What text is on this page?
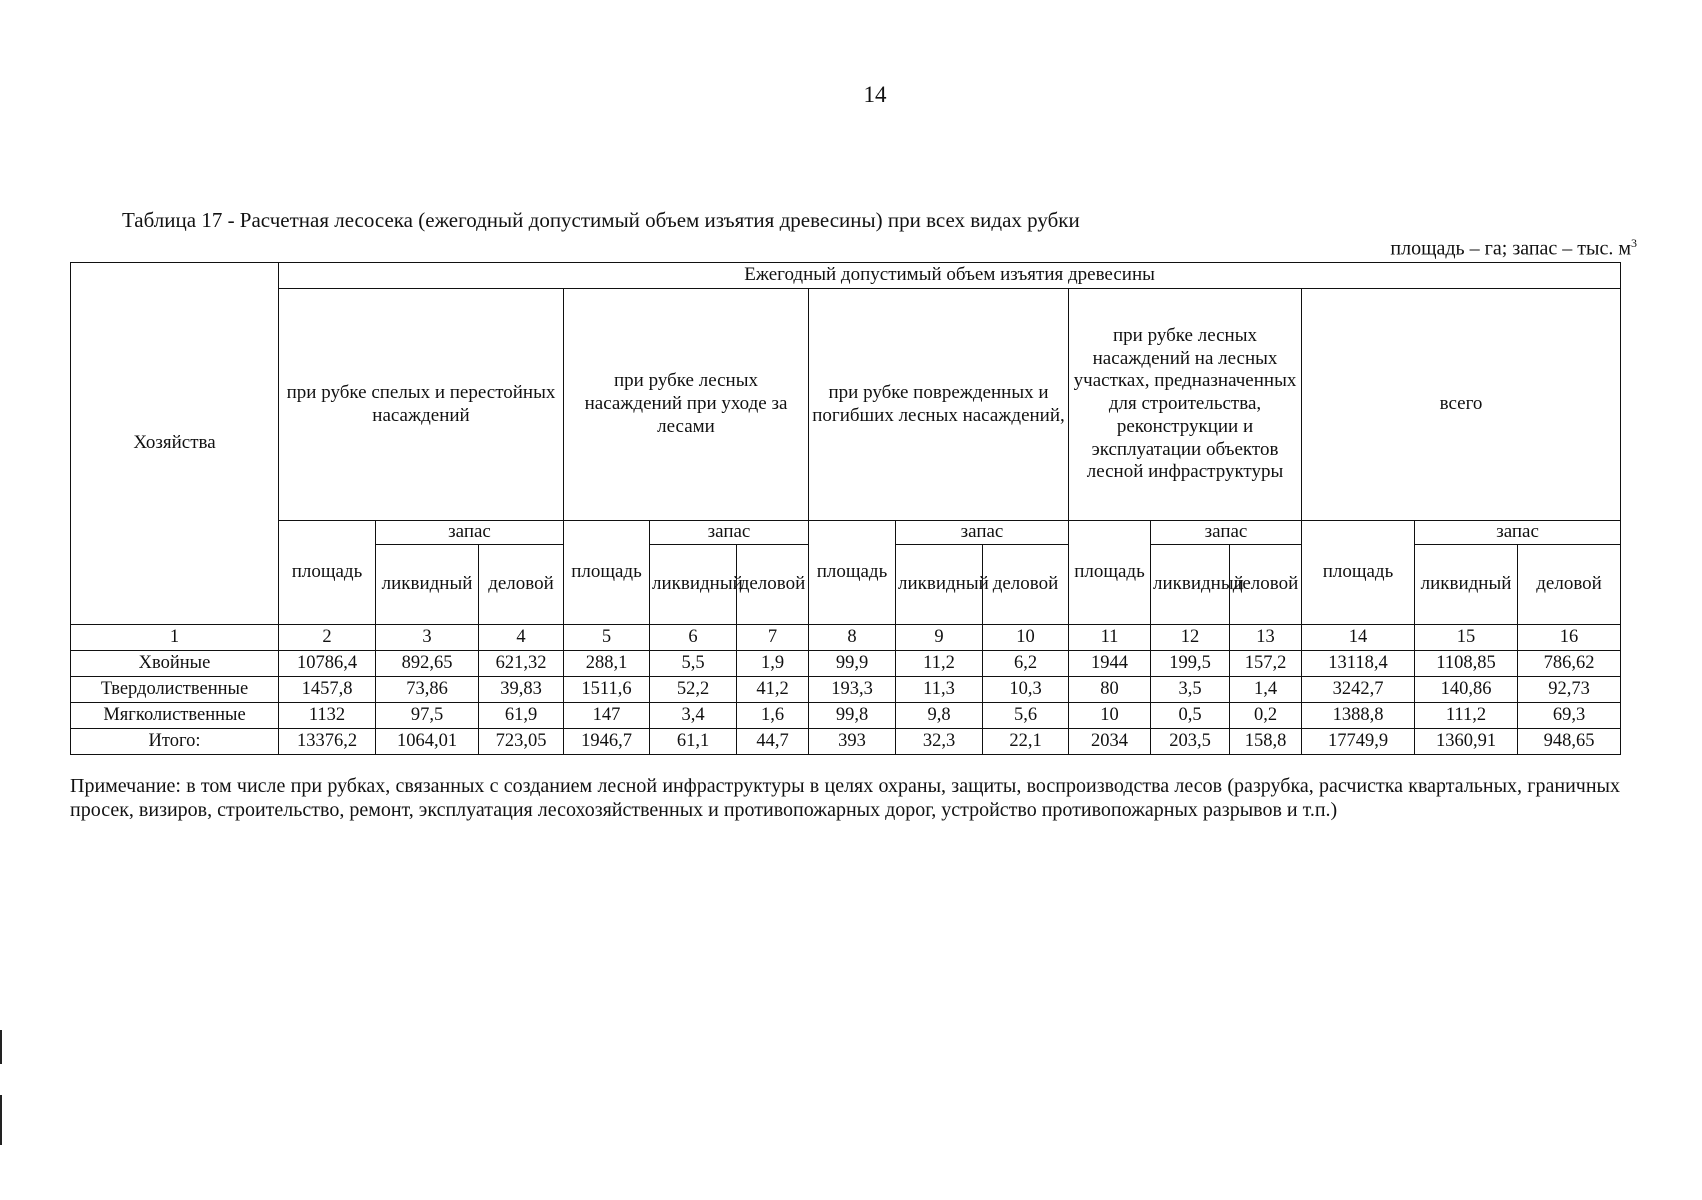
14
Таблица 17 - Расчетная лесосека (ежегодный допустимый объем изъятия древесины) при всех видах рубки
площадь – га; запас – тыс. $м^3$
Хозяйства	Ежегодный допустимый объем изъятия древесины														
	при рубке спелых и перестойных насаждений			при рубке лесных насаждений при уходе за лесами			при рубке поврежденных и погибших лесных насаждений,			при рубке лесных насаждений на лесных участках, предназначенных для строительства, реконструкции и эксплуатации объектов лесной инфраструктуры			всего		
	площадь	запас		площадь	запас		площадь	запас		площадь	запас		площадь	запас	
		ликвидный	деловой		ликвидный	деловой		ликвидный	деловой		ликвидный	деловой		ликвидный	деловой
1	2	3	4	5	6	7	8	9	10	11	12	13	14	15	16
Хвойные	10786,4	892,65	621,32	288,1	5,5	1,9	99,9	11,2	6,2	1944	199,5	157,2	13118,4	1108,85	786,62
Твердолиственные	1457,8	73,86	39,83	1511,6	52,2	41,2	193,3	11,3	10,3	80	3,5	1,4	3242,7	140,86	92,73
Мягколиственные	1132	97,5	61,9	147	3,4	1,6	99,8	9,8	5,6	10	0,5	0,2	1388,8	111,2	69,3
Итого:	13376,2	1064,01	723,05	1946,7	61,1	44,7	393	32,3	22,1	2034	203,5	158,8	17749,9	1360,91	948,65
Примечание: в том числе при рубках, связанных с созданием лесной инфраструктуры в целях охраны, защиты, воспроизводства лесов (разрубка, расчистка квартальных, граничных просек, визиров, строительство, ремонт, эксплуатация лесохозяйственных и противопожарных дорог, устройство противопожарных разрывов и т.п.)
